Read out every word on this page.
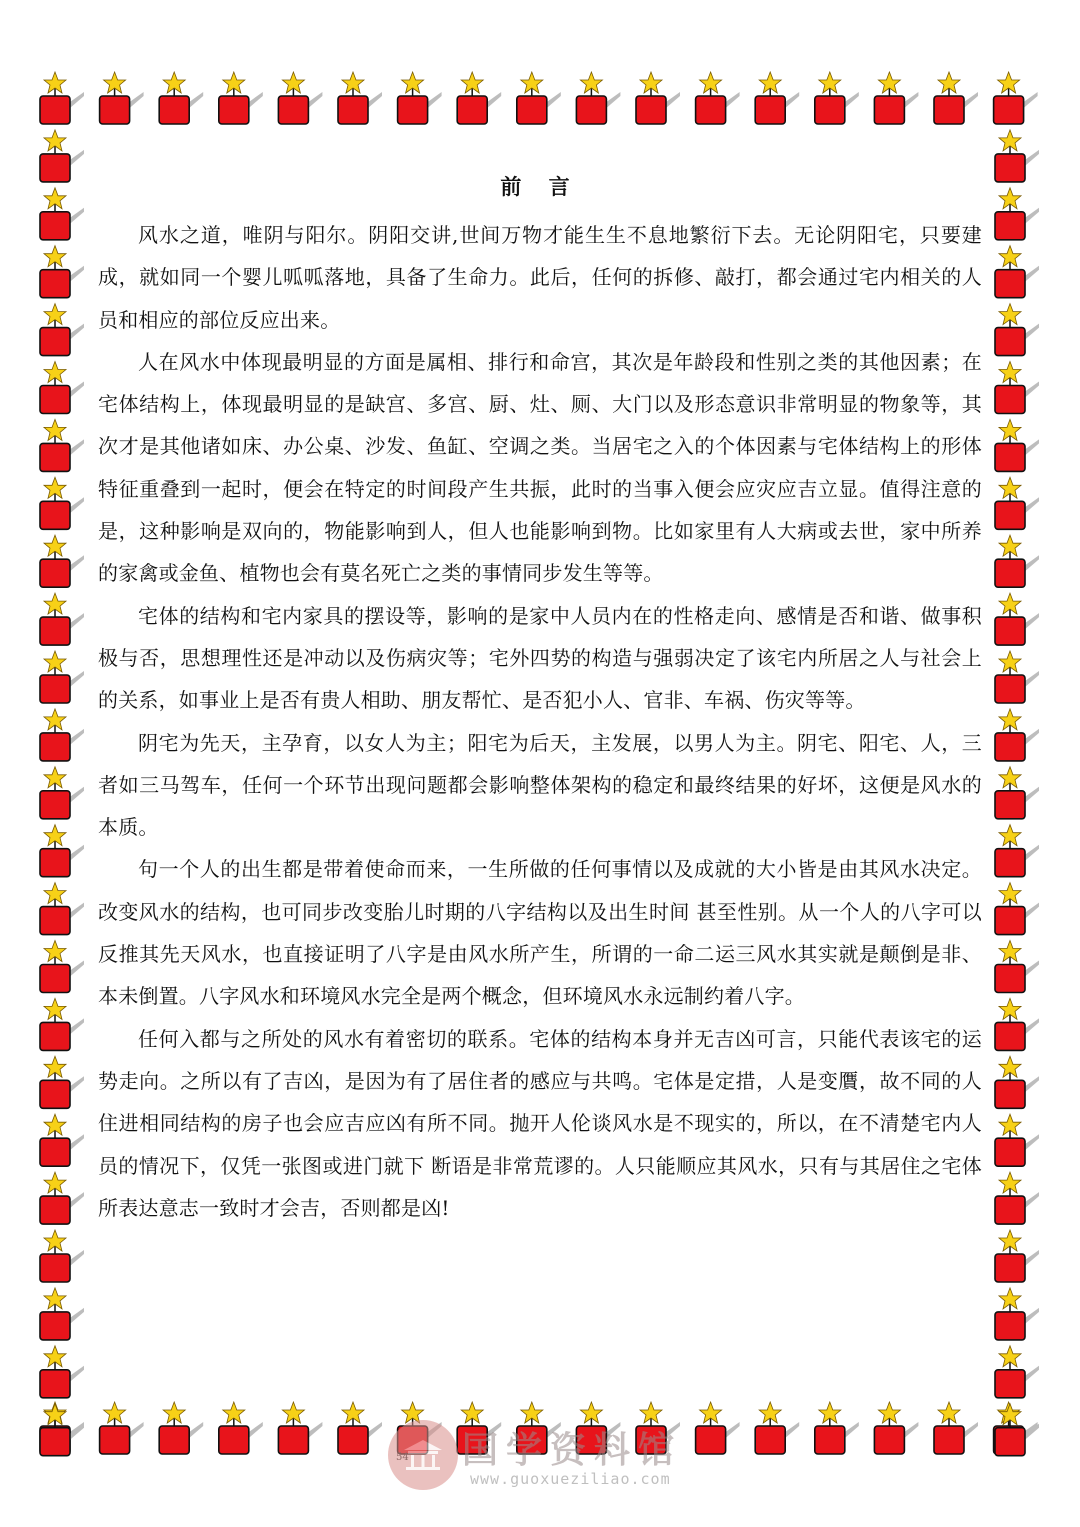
前 言

风水之道，唯阴与阳尔。阴阳交讲,世间万物才能生生不息地繁衍下去。无论阴阳宅，只要建成，就如同一个婴儿呱呱落地，具备了生命力。此后，任何的拆修、敲打，都会通过宅内相关的人员和相应的部位反应出来。

人在风水中体现最明显的方面是属相、排行和命宫，其次是年龄段和性别之类的其他因素；在宅体结构上，体现最明显的是缺宫、多宫、厨、灶、厕、大门以及形态意识非常明显的物象等，其次才是其他诸如床、办公桌、沙发、鱼缸、空调之类。当居宅之入的个体因素与宅体结构上的形体特征重叠到一起时，便会在特定的时间段产生共振，此时的当事入便会应灾应吉立显。值得注意的是，这种影响是双向的，物能影响到人，但人也能影响到物。比如家里有人大病或去世，家中所养的家禽或金鱼、植物也会有莫名死亡之类的事情同步发生等等。

宅体的结构和宅内家具的摆设等，影响的是家中人员内在的性格走向、感情是否和谐、做事积极与否，思想理性还是冲动以及伤病灾等；宅外四势的构造与强弱决定了该宅内所居之人与社会上的关系，如事业上是否有贵人相助、朋友帮忙、是否犯小人、官非、车祸、伤灾等等。

阴宅为先天，主孕育，以女人为主；阳宅为后天，主发展，以男人为主。阴宅、阳宅、人，三者如三马驾车，任何一个环节出现问题都会影响整体架构的稳定和最终结果的好坏，这便是风水的本质。

句一个人的出生都是带着使命而来，一生所做的任何事情以及成就的大小皆是由其风水决定。改变风水的结构，也可同步改变胎儿时期的八字结构以及出生时间 甚至性别。从一个人的八字可以反推其先天风水，也直接证明了八字是由风水所产生，所谓的一命二运三风水其实就是颠倒是非、本未倒置。八字风水和环境风水完全是两个概念，但环境风水永远制约着八字。

任何入都与之所处的风水有着密切的联系。宅体的结构本身并无吉凶可言，只能代表该宅的运势走向。之所以有了吉凶，是因为有了居住者的感应与共鸣。宅体是定措，人是变贋，故不同的人住进相同结构的房子也会应吉应凶有所不同。抛开人伦谈风水是不现实的，所以，在不清楚宅内人员的情况下，仅凭一张图或进门就下 断语是非常荒谬的。人只能顺应其风水，只有与其居住之宅体所表达意志一致时才会吉，否则都是凶!

国学资料馆
www.guoxueziliao.com
